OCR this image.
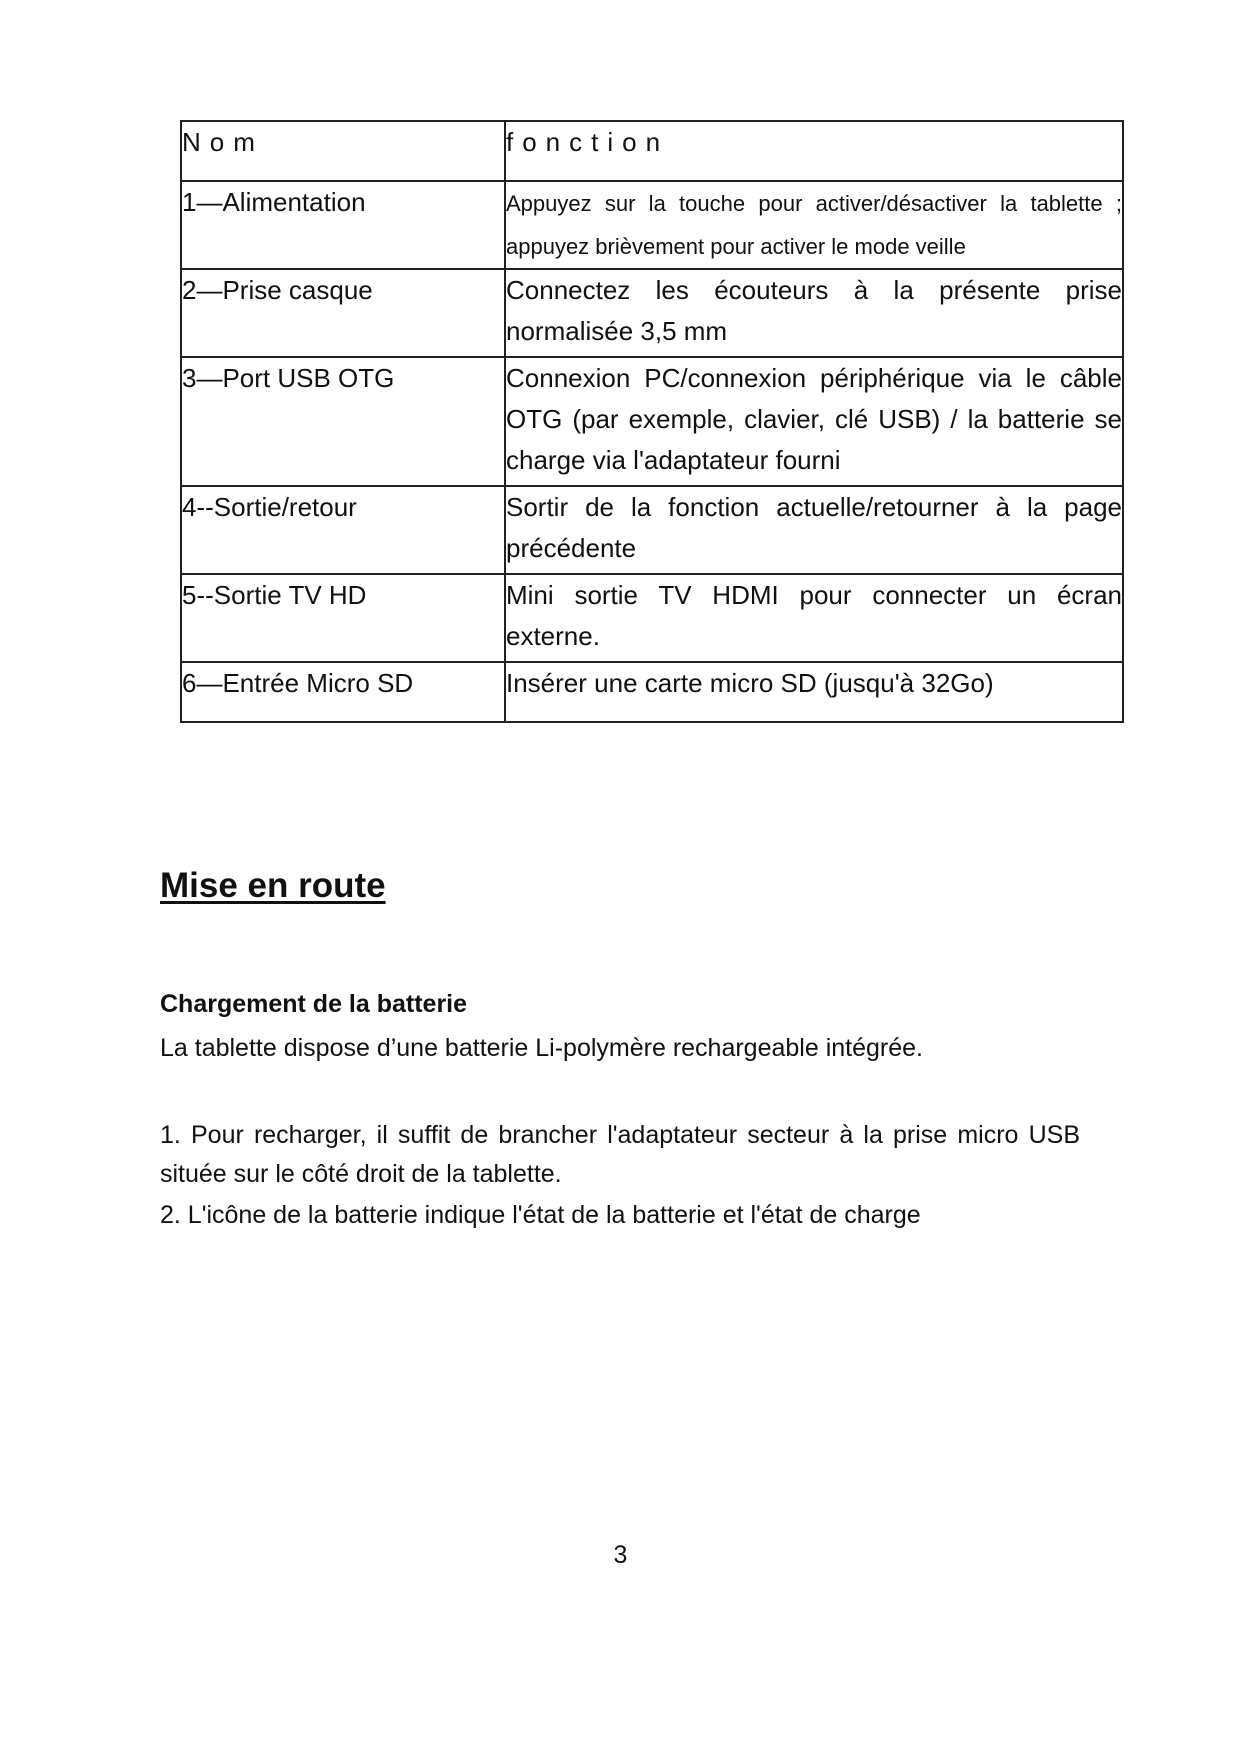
Nom	fonction
1—Alimentation	Appuyez sur la touche pour activer/désactiver la tablette ; appuyez brièvement pour activer le mode veille
2—Prise casque	Connectez les écouteurs à la présente prise normalisée 3,5 mm
3—Port USB OTG	Connexion PC/connexion périphérique via le câble OTG (par exemple, clavier, clé USB) / la batterie se charge via l'adaptateur fourni
4--Sortie/retour	Sortir de la fonction actuelle/retourner à la page précédente
5--Sortie TV HD	Mini sortie TV HDMI pour connecter un écran externe.
6—Entrée Micro SD	Insérer une carte micro SD (jusqu'à 32Go)
Mise en route
Chargement de la batterie

La tablette dispose d’une batterie Li-polymère rechargeable intégrée.

1. Pour recharger, il suffit de brancher l'adaptateur secteur à la prise micro USB située sur le côté droit de la tablette.

2. L'icône de la batterie indique l'état de la batterie et l'état de charge

3
